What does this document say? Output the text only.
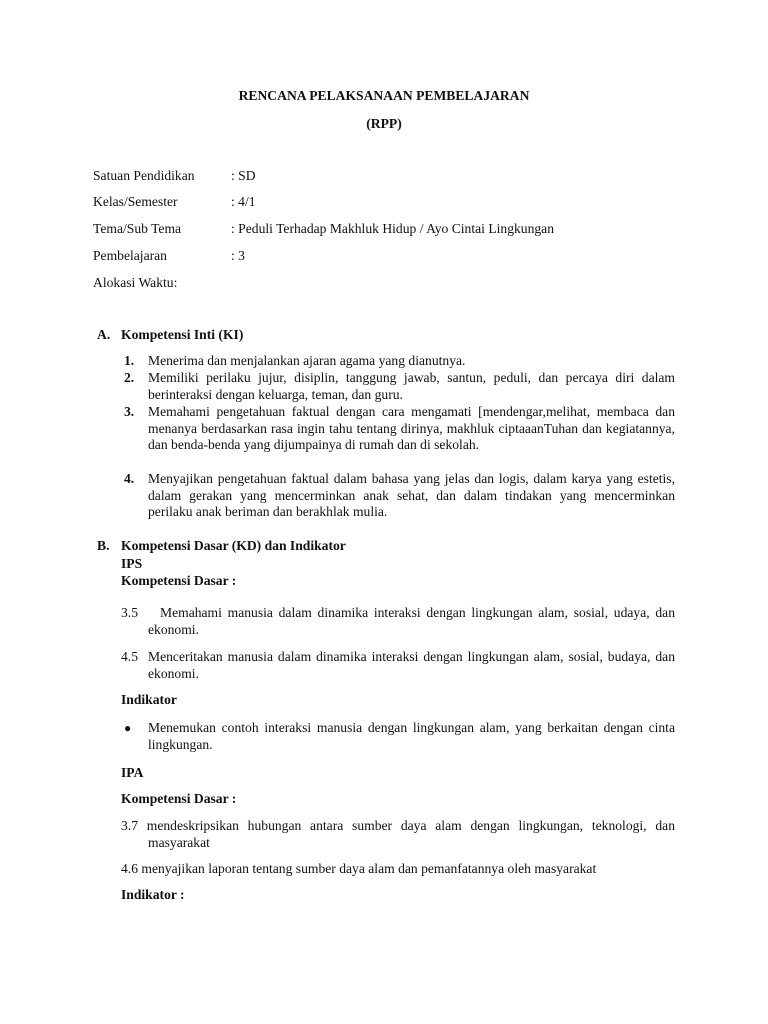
RENCANA PELAKSANAAN PEMBELAJARAN
(RPP)
Satuan Pendidikan	: SD
Kelas/Semester	: 4/1
Tema/Sub Tema	: Peduli Terhadap Makhluk Hidup / Ayo Cintai Lingkungan
Pembelajaran	: 3
Alokasi Waktu:
A. Kompetensi Inti (KI)
1. Menerima dan menjalankan ajaran agama yang dianutnya.
2. Memiliki perilaku jujur, disiplin, tanggung jawab, santun, peduli, dan percaya diri dalam berinteraksi dengan keluarga, teman, dan guru.
3. Memahami pengetahuan faktual dengan cara mengamati [mendengar,melihat, membaca dan menanya berdasarkan rasa ingin tahu tentang dirinya, makhluk ciptaaanTuhan dan kegiatannya, dan benda-benda yang dijumpainya di rumah dan di sekolah.
4. Menyajikan pengetahuan faktual dalam bahasa yang jelas dan logis, dalam karya yang estetis, dalam gerakan yang mencerminkan anak sehat, dan dalam tindakan yang mencerminkan perilaku anak beriman dan berakhlak mulia.
B. Kompetensi Dasar (KD) dan Indikator
IPS
Kompetensi Dasar :
3.5	Memahami manusia dalam dinamika interaksi dengan lingkungan alam, sosial, udaya, dan ekonomi.
4.5 Menceritakan manusia dalam dinamika interaksi dengan lingkungan alam, sosial, budaya, dan ekonomi.
Indikator
● Menemukan contoh interaksi manusia dengan lingkungan alam, yang berkaitan dengan cinta lingkungan.
IPA
Kompetensi Dasar :
3.7 mendeskripsikan hubungan antara sumber daya alam dengan lingkungan, teknologi, dan masyarakat
4.6 menyajikan laporan tentang sumber daya alam dan pemanfatannya oleh masyarakat
Indikator :
